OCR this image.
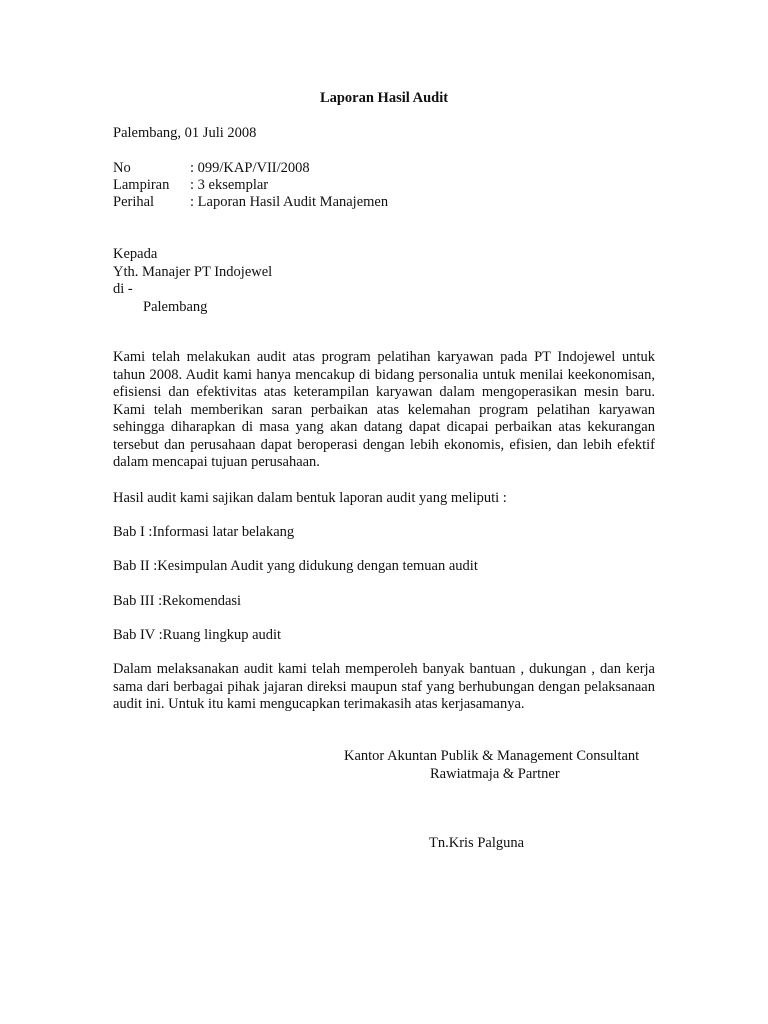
Laporan Hasil Audit
Palembang, 01 Juli 2008
No	: 099/KAP/VII/2008
Lampiran : 3 eksemplar
Perihal : Laporan Hasil Audit Manajemen
Kepada
Yth. Manajer PT Indojewel
di -
Palembang
Kami telah melakukan audit atas program pelatihan karyawan pada PT Indojewel untuk tahun 2008. Audit kami hanya mencakup di bidang personalia untuk menilai keekonomisan, efisiensi dan efektivitas atas keterampilan karyawan dalam mengoperasikan mesin baru. Kami telah memberikan saran perbaikan atas kelemahan program pelatihan karyawan sehingga diharapkan di masa yang akan datang dapat dicapai perbaikan atas kekurangan tersebut dan perusahaan dapat beroperasi dengan lebih ekonomis, efisien, dan lebih efektif dalam mencapai tujuan perusahaan.
Hasil audit kami sajikan dalam bentuk laporan audit yang meliputi :
Bab I :Informasi latar belakang
Bab II :Kesimpulan Audit yang didukung dengan temuan audit
Bab III :Rekomendasi
Bab IV :Ruang lingkup audit
Dalam melaksanakan audit kami telah memperoleh banyak bantuan , dukungan , dan kerja sama dari berbagai pihak jajaran direksi maupun staf yang berhubungan dengan pelaksanaan audit ini. Untuk itu kami mengucapkan terimakasih atas kerjasamanya.
Kantor Akuntan Publik & Management Consultant
Rawiatmaja & Partner
Tn.Kris Palguna
